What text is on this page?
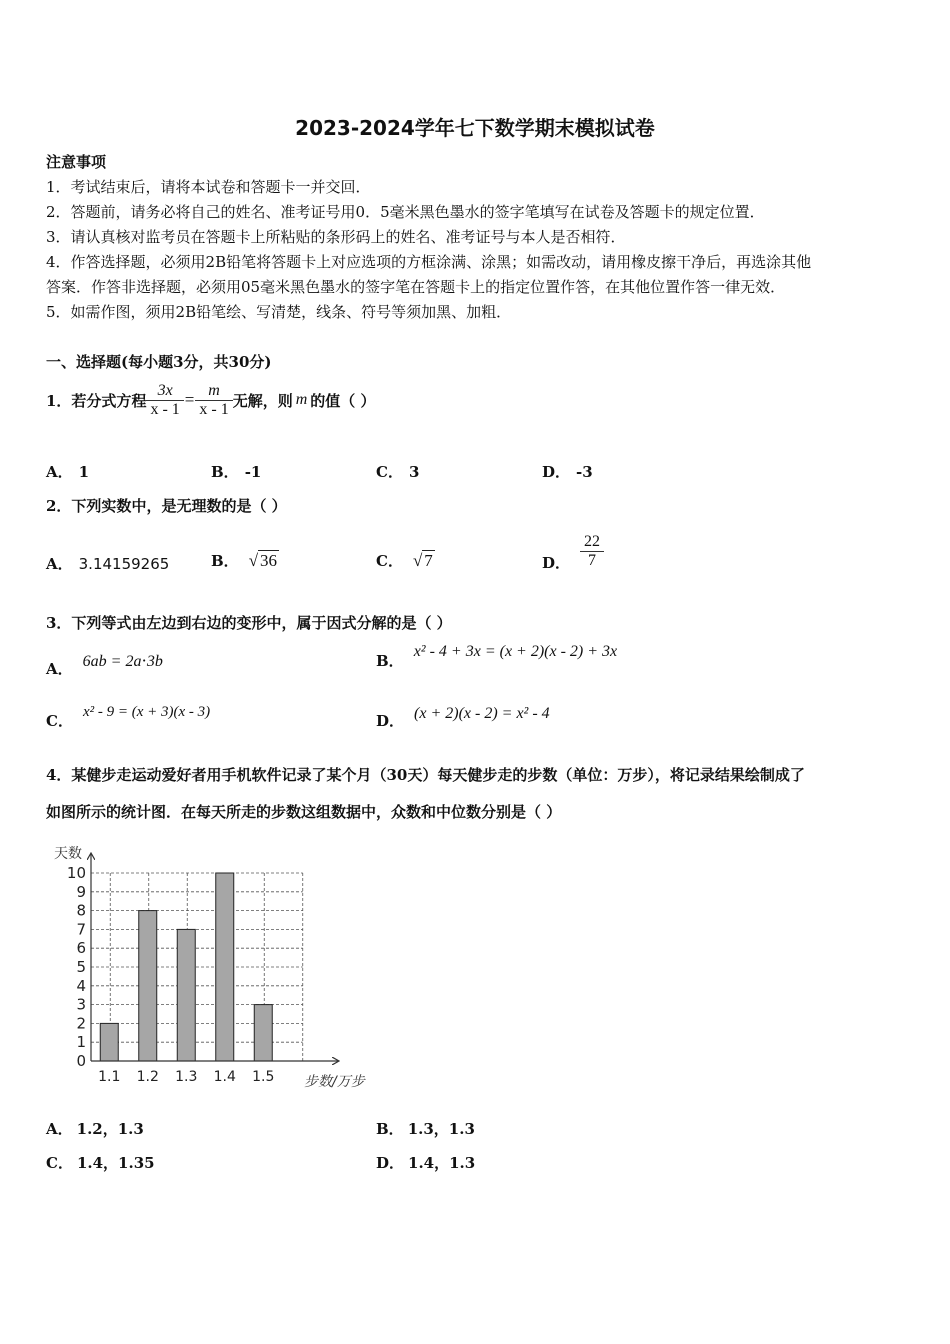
2023-2024学年七下数学期末模拟试卷
注意事项
1．考试结束后，请将本试卷和答题卡一并交回．
2．答题前，请务必将自己的姓名、准考证号用0．5毫米黑色墨水的签字笔填写在试卷及答题卡的规定位置．
3．请认真核对监考员在答题卡上所粘贴的条形码上的姓名、准考证号与本人是否相符．
4．作答选择题，必须用2B铅笔将答题卡上对应选项的方框涂满、涂黑；如需改动，请用橡皮擦干净后，再选涂其他
答案．作答非选择题，必须用05毫米黑色墨水的签字笔在答题卡上的指定位置作答，在其他位置作答一律无效．
5．如需作图，须用2B铅笔绘、写清楚，线条、符号等须加黑、加粗．
一、选择题(每小题3分，共30分)
1．若分式方程 $\frac{3x}{x - 1} = \frac{m}{x - 1}$ 无解，则 m 的值（ ）
A． 1	B． -1	C． 3	D． -3
2．下列实数中，是无理数的是（ ）
A． 3.14159265	B． √ 36	C． √ 7	D． $\frac{22}{7}$
3．下列等式由左边到右边的变形中，属于因式分解的是（ ）
A． 6ab = 2a⋅3b	B．
x² - 4 + 3x = (x + 2)(x - 2) + 3x
C． x² - 9 = (x + 3)(x - 3)	D． (x + 2)(x - 2) = x² - 4
4．某健步走运动爱好者用手机软件记录了某个月（30天）每天健步走的步数（单位：万步），将记录结果绘制成了
如图所示的统计图．在每天所走的步数这组数据中，众数和中位数分别是（ ）
0
1
2
3
4
5
6
7
8
9
10
1.1 1.2 1.3 1.4 1.5
天数
步数/万步
A． 1.2，1.3	B． 1.3，1.3
C． 1.4，1.35	D． 1.4，1.3
